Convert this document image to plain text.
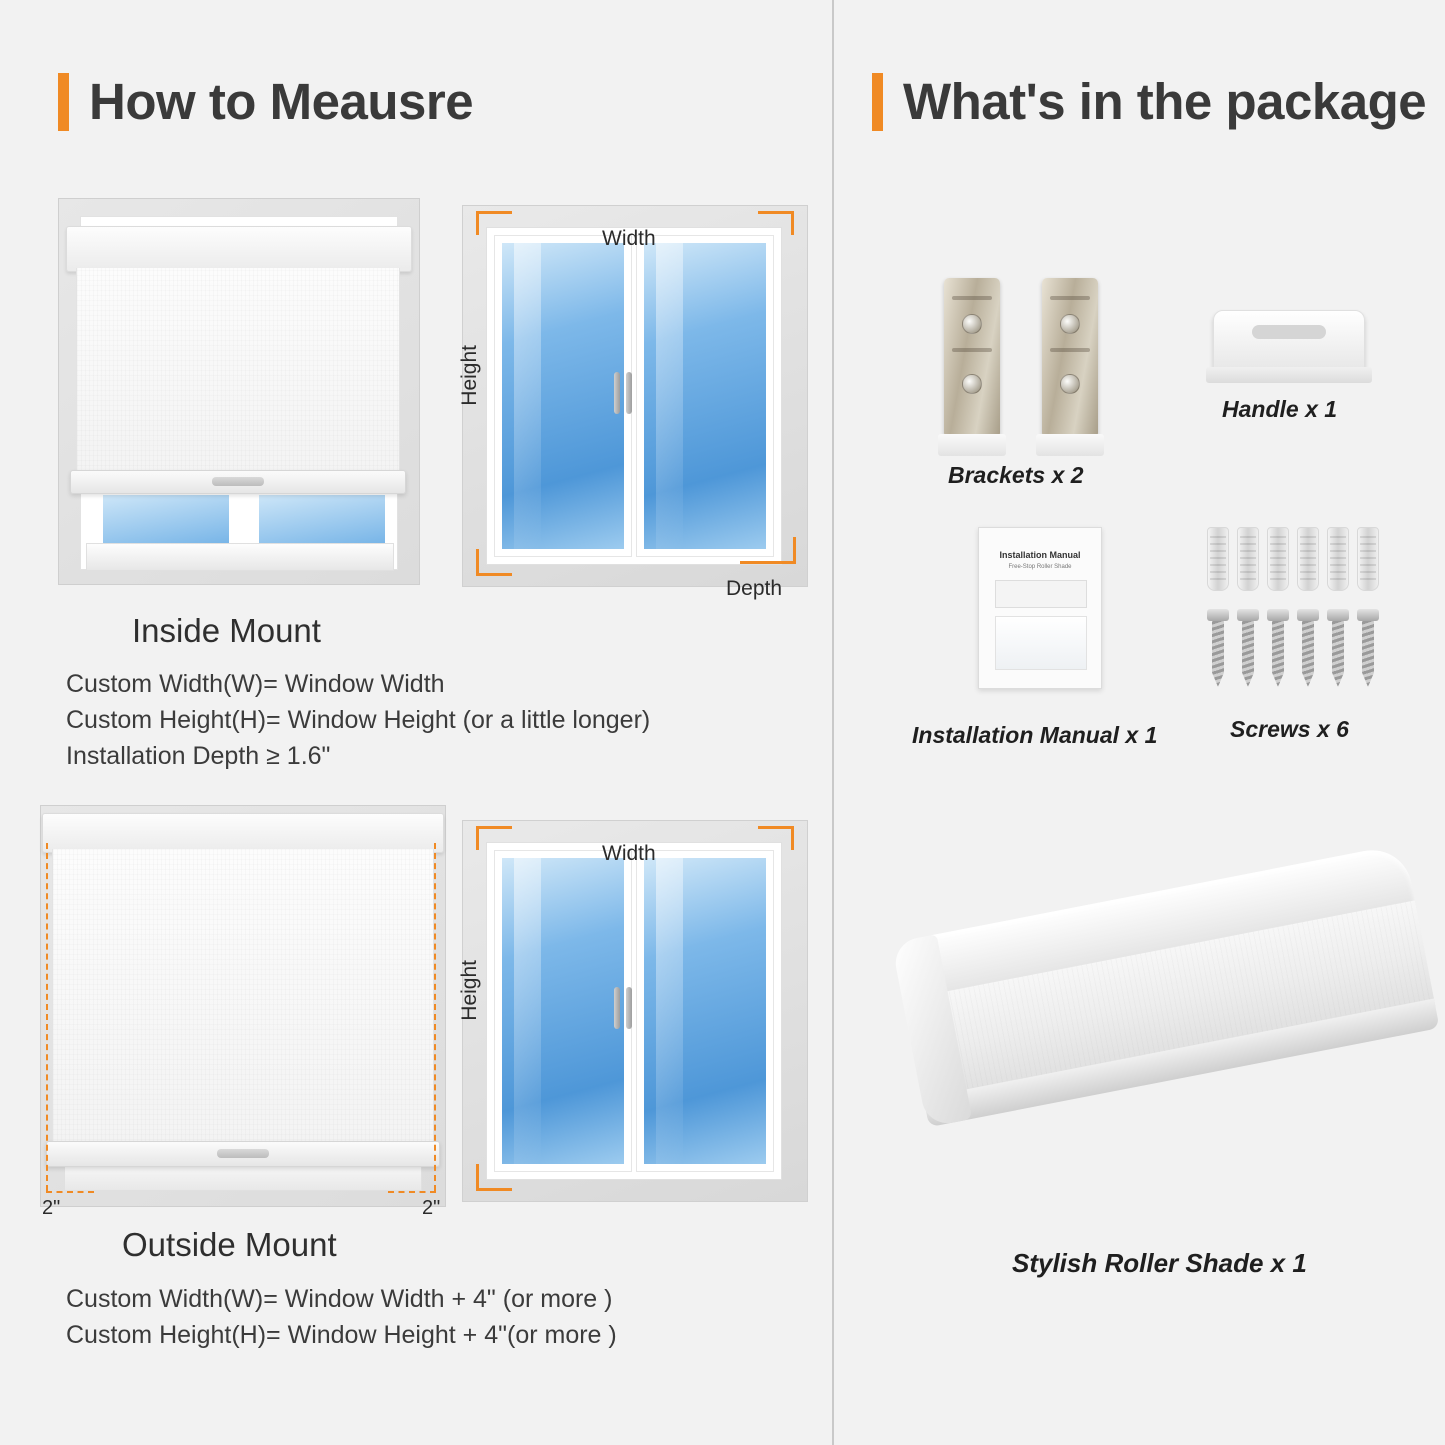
How to Meausre	What's in the package
Width
Height
Depth
Inside Mount
Custom Width(W)= Window Width
Custom Height(H)= Window Height (or a little longer)
Installation Depth ≥ 1.6"
2"	2"
Width
Height
Outside Mount
Custom Width(W)= Window Width + 4" (or more )
Custom Height(H)= Window Height + 4"(or more )
Brackets x 2
Handle x 1
Installation Manual
Free-Stop Roller Shade
Installation Manual x 1	Screws x 6
Stylish Roller Shade x 1
